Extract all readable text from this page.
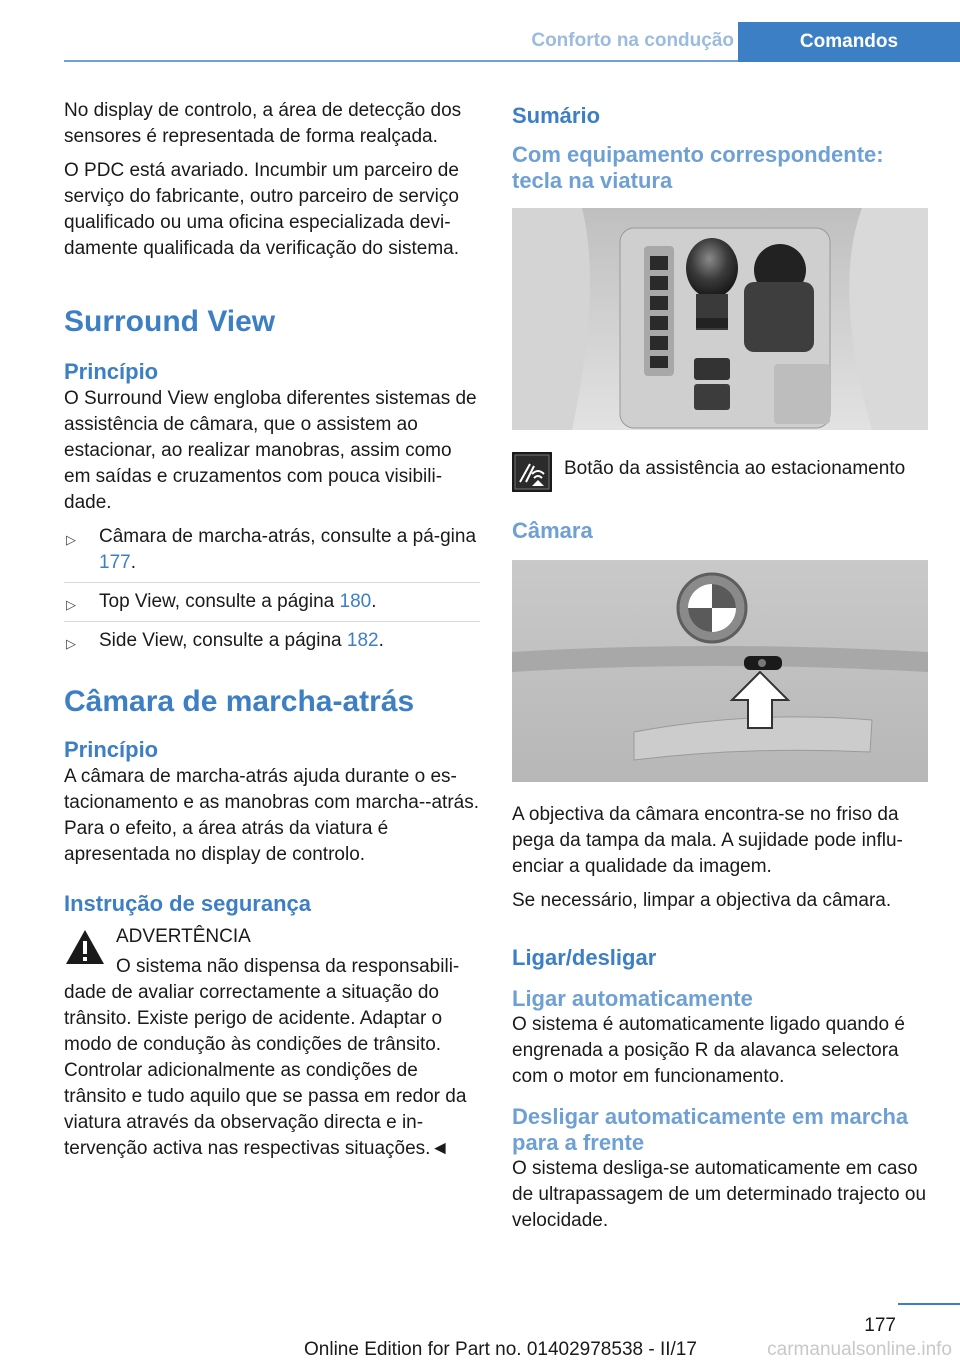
Conforto na condução	Comandos

No display de controlo, a área de detecção dos sensores é representada de forma realçada.

O PDC está avariado. Incumbir um parceiro de serviço do fabricante, outro parceiro de serviço qualificado ou uma oficina especializada devi‐damente qualificada da verificação do sistema.

Surround View
Princípio

O Surround View engloba diferentes sistemas de assistência de câmara, que o assistem ao estacionar, ao realizar manobras, assim como em saídas e cruzamentos com pouca visibili‐dade.

▷ Câmara de marcha-atrás, consulte a pá‐gina 177.
▷ Top View, consulte a página 180.
▷ Side View, consulte a página 182.
Câmara de marcha-atrás
Princípio

A câmara de marcha-atrás ajuda durante o es‐tacionamento e as manobras com marcha-‐atrás. Para o efeito, a área atrás da viatura é apresentada no display de controlo.

Instrução de segurança

ADVERTÊNCIA

O sistema não dispensa da responsabili‐

dade de avaliar correctamente a situação do trânsito. Existe perigo de acidente. Adaptar o modo de condução às condições de trânsito. Controlar adicionalmente as condições de trânsito e tudo aquilo que se passa em redor da viatura através da observação directa e in‐tervenção activa nas respectivas situações.◄

Sumário
Com equipamento correspondente: tecla na viatura

Botão da assistência ao estacionamento

Câmara

A objectiva da câmara encontra-se no friso da pega da tampa da mala. A sujidade pode influ‐enciar a qualidade da imagem.

Se necessário, limpar a objectiva da câmara.

Ligar/desligar
Ligar automaticamente

O sistema é automaticamente ligado quando é engrenada a posição R da alavanca selectora com o motor em funcionamento.

Desligar automaticamente em marcha para a frente

O sistema desliga-se automaticamente em caso de ultrapassagem de um determinado trajecto ou velocidade.

177
Online Edition for Part no. 01402978538 - II/17	carmanualsonline.info
